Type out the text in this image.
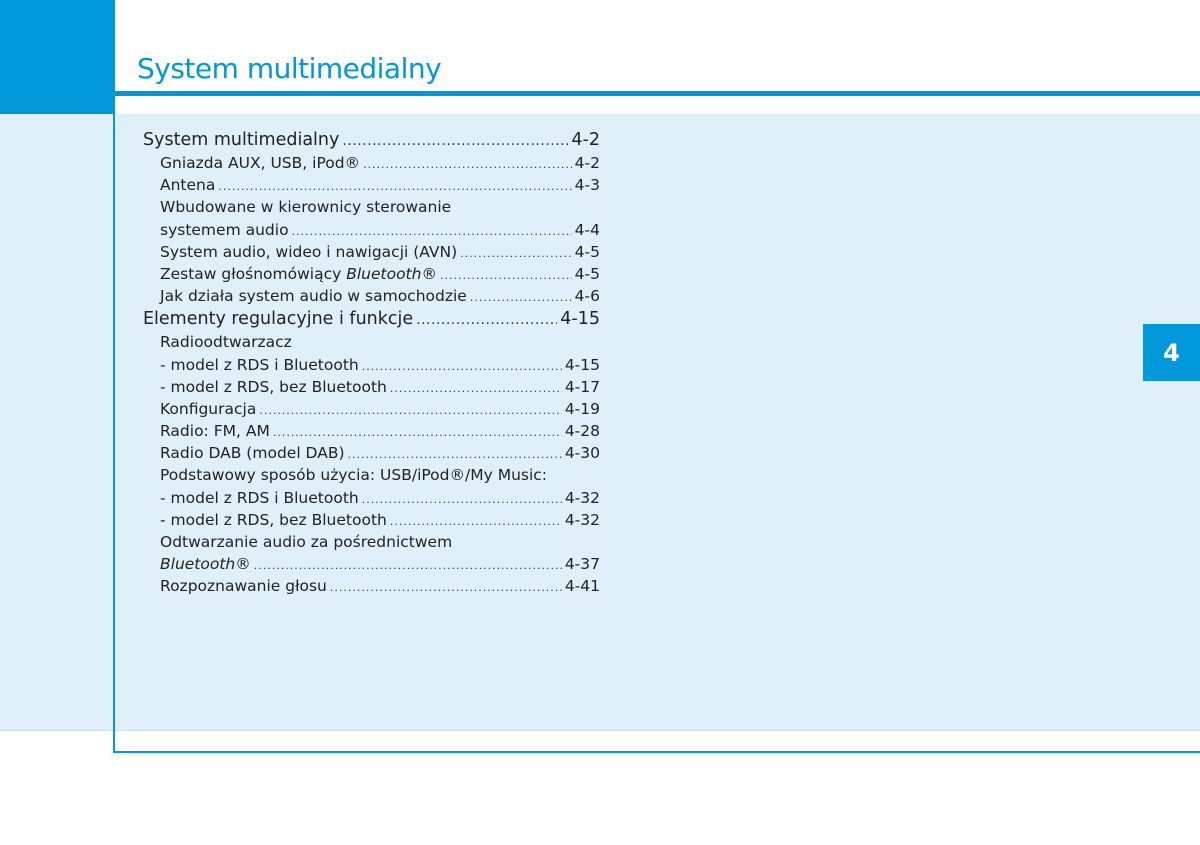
System multimedialny
4
System multimedialny .....	4-2
Gniazda AUX, USB, iPod® .....	4-2
Antena .....	4-3
Wbudowane w kierownicy sterowanie
systemem audio .....	4-4
System audio, wideo i nawigacji (AVN) .....	4-5
Zestaw głośnomówiący Bluetooth® .....	4-5
Jak działa system audio w samochodzie .....	4-6
Elementy regulacyjne i funkcje .....	4-15
Radioodtwarzacz
- model z RDS i Bluetooth .....	4-15
- model z RDS, bez Bluetooth .....	4-17
Konfiguracja .....	4-19
Radio: FM, AM .....	4-28
Radio DAB (model DAB) .....	4-30
Podstawowy sposób użycia: USB/iPod®/My Music:
- model z RDS i Bluetooth .....	4-32
- model z RDS, bez Bluetooth .....	4-32
Odtwarzanie audio za pośrednictwem
Bluetooth® .....	4-37
Rozpoznawanie głosu .....	4-41
